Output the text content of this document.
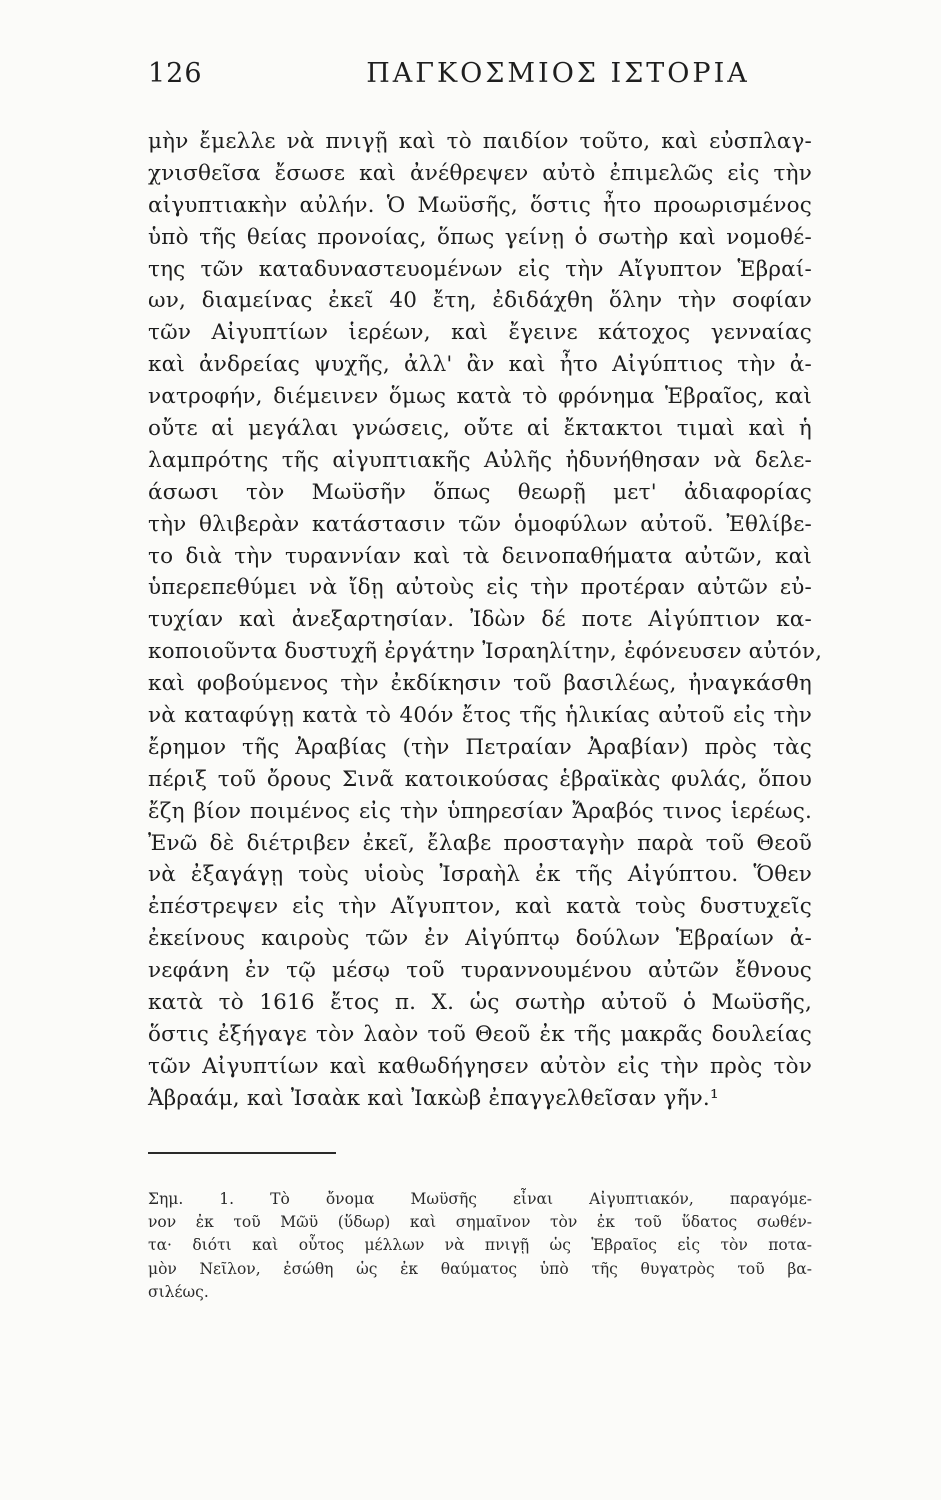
126	ΠΑΓΚΟΣΜΙΟΣ ΙΣΤΟΡΙΑ
μὴν ἔμελλε νὰ πνιγῇ καὶ τὸ παιδίον τοῦτο, καὶ εὐσπλαγ-
χνισθεῖσα ἔσωσε καὶ ἀνέθρεψεν αὐτὸ ἐπιμελῶς εἰς τὴν
αἰγυπτιακὴν αὐλήν. Ὁ Μωϋσῆς, ὅστις ἦτο προωρισμένος
ὑπὸ τῆς θείας προνοίας, ὅπως γείνῃ ὁ σωτὴρ καὶ νομοθέ-
της τῶν καταδυναστευομένων εἰς τὴν Αἴγυπτον Ἑβραί-
ων, διαμείνας ἐκεῖ 40 ἔτη, ἐδιδάχθη ὅλην τὴν σοφίαν
τῶν Αἰγυπτίων ἱερέων, καὶ ἔγεινε κάτοχος γενναίας
καὶ ἀνδρείας ψυχῆς, ἀλλ' ἂν καὶ ἦτο Αἰγύπτιος τὴν ἀ-
νατροφήν, διέμεινεν ὅμως κατὰ τὸ φρόνημα Ἑβραῖος, καὶ
οὔτε αἱ μεγάλαι γνώσεις, οὔτε αἱ ἔκτακτοι τιμαὶ καὶ ἡ
λαμπρότης τῆς αἰγυπτιακῆς Αὐλῆς ἠδυνήθησαν νὰ δελε-
άσωσι τὸν Μωϋσῆν ὅπως θεωρῇ μετ' ἀδιαφορίας
τὴν θλιβερὰν κατάστασιν τῶν ὁμοφύλων αὐτοῦ. Ἐθλίβε-
το διὰ τὴν τυραννίαν καὶ τὰ δεινοπαθήματα αὐτῶν, καὶ
ὑπερεπεθύμει νὰ ἴδῃ αὐτοὺς εἰς τὴν προτέραν αὐτῶν εὐ-
τυχίαν καὶ ἀνεξαρτησίαν. Ἰδὼν δέ ποτε Αἰγύπτιον κα-
κοποιοῦντα δυστυχῆ ἐργάτην Ἰσραηλίτην, ἐφόνευσεν αὐτόν,
καὶ φοβούμενος τὴν ἐκδίκησιν τοῦ βασιλέως, ἠναγκάσθη
νὰ καταφύγῃ κατὰ τὸ 40όν ἔτος τῆς ἡλικίας αὐτοῦ εἰς τὴν
ἔρημον τῆς Ἀραβίας (τὴν Πετραίαν Ἀραβίαν) πρὸς τὰς
πέριξ τοῦ ὄρους Σινᾶ κατοικούσας ἑβραϊκὰς φυλάς, ὅπου
ἔζη βίον ποιμένος εἰς τὴν ὑπηρεσίαν Ἄραβός τινος ἱερέως.
Ἐνῶ δὲ διέτριβεν ἐκεῖ, ἔλαβε προσταγὴν παρὰ τοῦ Θεοῦ
νὰ ἐξαγάγῃ τοὺς υἱοὺς Ἰσραὴλ ἐκ τῆς Αἰγύπτου. Ὅθεν
ἐπέστρεψεν εἰς τὴν Αἴγυπτον, καὶ κατὰ τοὺς δυστυχεῖς
ἐκείνους καιροὺς τῶν ἐν Αἰγύπτῳ δούλων Ἑβραίων ἀ-
νεφάνη ἐν τῷ μέσῳ τοῦ τυραννουμένου αὐτῶν ἔθνους
κατὰ τὸ 1616 ἔτος π. Χ. ὡς σωτὴρ αὐτοῦ ὁ Μωϋσῆς,
ὅστις ἐξήγαγε τὸν λαὸν τοῦ Θεοῦ ἐκ τῆς μακρᾶς δουλείας
τῶν Αἰγυπτίων καὶ καθωδήγησεν αὐτὸν εἰς τὴν πρὸς τὸν
Ἀβραάμ, καὶ Ἰσαὰκ καὶ Ἰακὼβ ἐπαγγελθεῖσαν γῆν.¹
Σημ. 1. Τὸ ὄνομα Μωϋσῆς εἶναι Αἰγυπτιακόν, παραγόμε-
νον ἐκ τοῦ Μῶϋ (ὕδωρ) καὶ σημαῖνον τὸν ἐκ τοῦ ὕδατος σωθέν-
τα· διότι καὶ οὗτος μέλλων νὰ πνιγῇ ὡς Ἑβραῖος εἰς τὸν ποτα-
μὸν Νεῖλον, ἐσώθη ὡς ἐκ θαύματος ὑπὸ τῆς θυγατρὸς τοῦ βα-
σιλέως.
